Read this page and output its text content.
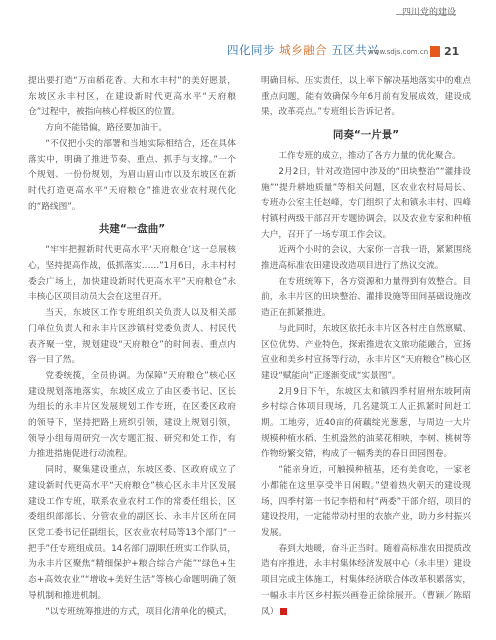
四川党的建设
四化同步 城乡融合 五区共兴
www.sdjs.com.cn 21
提出要打造“万亩稻花香、大和水丰村”的美好愿景，东坡区永丰村区，在建设新时代更高水平“天府粮仓”过程中，被指向核心样板区的位置。
方向不能错偏，路径要加油干。
“不仅把小尖的部署和当地实际相结合，还在具体落实中，明确了推进节奏、重点、抓手与支撑。”一个个规划、一份份规划，为眉山眉山市以及东坡区在新时代打造更高水平“天府粮仓”推进农业农村现代化的“路线图”。
共建“一盘曲”
“牢牢把握新时代更高水平‘天府粮仓’这一总展核心，坚持提高作战，低抓落实……”1月6日，永丰村村委会广场上，加快建设新时代更高水平“天府粮仓”永丰核心区项目动员大会在这里召开。
当天，东坡区工作专班组织关负责人以及相关部门单位负责人和永丰片区涉镇村党委负责人、村民代表齐聚一堂，规划建设“天府粮仓”的时间表、重点内容一目了然。
党委统揽，全员协调。为保障“天府粮仓”核心区建设规划落地落实，东坡区成立了由区委书记、区长为组长的永丰片区发展规划工作专班，在区委区政府的领导下，坚持把路上班织引领，建设上规划引领，领导小组每周研究一次专题汇报、研究和处工作，有力推进措施促进行动流程。
同时，聚集建设重点，东坡区委、区政府成立了建设新时代更高水平“天府粮仓”核心区永丰片区发展建设工作专班，联系农业农村工作的常委任组长，区委组织部部长、分管农业的副区长、永丰片区所在同区党工委书记任副组长，区农业农村局等13个部门“一把手”任专班组成员。14名部门副职任班实工作队员，为永丰片区聚焦“精细保护+粮合综合产能”“绿色+生态+高效农业”“增收+美好生活”等核心命题明确了领导机制和推进机制。
“以专班统筹推进的方式，项目化清单化的模式，
明确目标、压实责任，以上率下解决基地落实中的难点重点问题，能有效确保今年6月前有发展成效，建设成果，改革亮点。”专班组长告诉记者。
同奏“一片景”
工作专班的成立，推动了各方力量的优化聚合。
2月2日，针对改造园中涉及的“田块整治”“灌排设施”“提升耕地质量”等相关问题，区农业农村局局长、专班办公室主任赵峰，专门组织了太和镇永丰村、四峰村镇村两级干部召开专题协调会，以及农业专家和种植大户，召开了一场专项工作会议。
近两个小时的会议，大家你一言我一语，紧紧围绕推进高标准农田建设改造项目进行了热议交流。
在专班统筹下，各方资源和力量得到有效整合。目前，永丰片区的田块整治、灌排设施等田间基础设施改造正在抓紧推进。
与此同时，东坡区依托永丰片区各村庄自然禀赋、区位优势、产业特色，探索推进农文旅功能融合，宣扬宣业和美乡村宣扬等行动，永丰片区“天府粮仓”核心区建设“赋能向”正逐渐变成“实景图”。
2月9日下午，东坡区太和镇四季村眉州东坡阿南乡村综合体项目现场，几名建筑工人正抓紧时间赶工期。工地旁，近40亩的荷藕绽光葱葱，与周边一大片规模种植水稻、生机盎然的油菜花相映，李树、桃树等作物纷繁交错，构成了一幅秀美的春日田园图卷。
“能亲身近，可触摸种植基，还有美食吃，一家老小都能在这里享受半日闲暇。”望着热火朝天的建设现场，四季村第一书记李梧和村“两委”干部介绍，项目的建设投用，一定能带动村里的农旅产业，助力乡村振兴发展。
春到大地暖，奋斗正当时。随着高标准农田提质改造有序推进，永丰村集体经济发展中心（永丰里）建设项目完成主体施工，村集体经济联合体改革积累落实，一幅永丰片区乡村振兴画卷正徐徐展开。（曹颖／陈昭凤）
